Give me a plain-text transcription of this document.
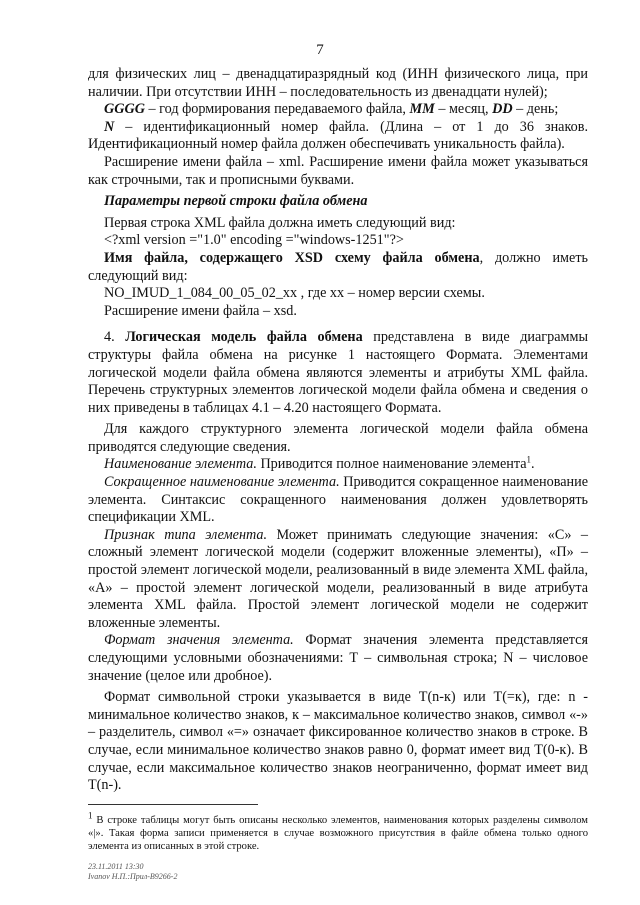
7

для физических лиц – двенадцатиразрядный код (ИНН физического лица, при наличии. При отсутствии ИНН – последовательность из двенадцати нулей);

GGGG – год формирования передаваемого файла, ММ – месяц, DD – день;

N – идентификационный номер файла. (Длина – от 1 до 36 знаков. Идентификационный номер файла должен обеспечивать уникальность файла).

Расширение имени файла – xml. Расширение имени файла может указываться как строчными, так и прописными буквами.

Параметры первой строки файла обмена

Первая строка XML файла должна иметь следующий вид:

<?xml version ="1.0" encoding ="windows-1251"?>

Имя файла, содержащего XSD схему файла обмена, должно иметь следующий вид:

NO_IMUD_1_084_00_05_02_xx , где хх – номер версии схемы.

Расширение имени файла – xsd.

4. Логическая модель файла обмена представлена в виде диаграммы структуры файла обмена на рисунке 1 настоящего Формата. Элементами логической модели файла обмена являются элементы и атрибуты XML файла. Перечень структурных элементов логической модели файла обмена и сведения о них приведены в таблицах 4.1 – 4.20 настоящего Формата.

Для каждого структурного элемента логической модели файла обмена приводятся следующие сведения.

Наименование элемента. Приводится полное наименование элемента$^1$.

Сокращенное наименование элемента. Приводится сокращенное наименование элемента. Синтаксис сокращенного наименования должен удовлетворять спецификации XML.

Признак типа элемента. Может принимать следующие значения: «С» – сложный элемент логической модели (содержит вложенные элементы), «П» – простой элемент логической модели, реализованный в виде элемента XML файла, «А» – простой элемент логической модели, реализованный в виде атрибута элемента XML файла. Простой элемент логической модели не содержит вложенные элементы.

Формат значения элемента. Формат значения элемента представляется следующими условными обозначениями: Т – символьная строка; N – числовое значение (целое или дробное).

Формат символьной строки указывается в виде Т(n-к) или Т(=к), где: n - минимальное количество знаков, к – максимальное количество знаков, символ «-» – разделитель, символ «=» означает фиксированное количество знаков в строке. В случае, если минимальное количество знаков равно 0, формат имеет вид Т(0-к). В случае, если максимальное количество знаков неограниченно, формат имеет вид Т(n-).

$^1$ В строке таблицы могут быть описаны несколько элементов, наименования которых разделены символом «|». Такая форма записи применяется в случае возможного присутствия в файле обмена только одного элемента из описанных в этой строке.
23.11.2011 13:30
Ivanov Н.П.:Прил-В9266-2
